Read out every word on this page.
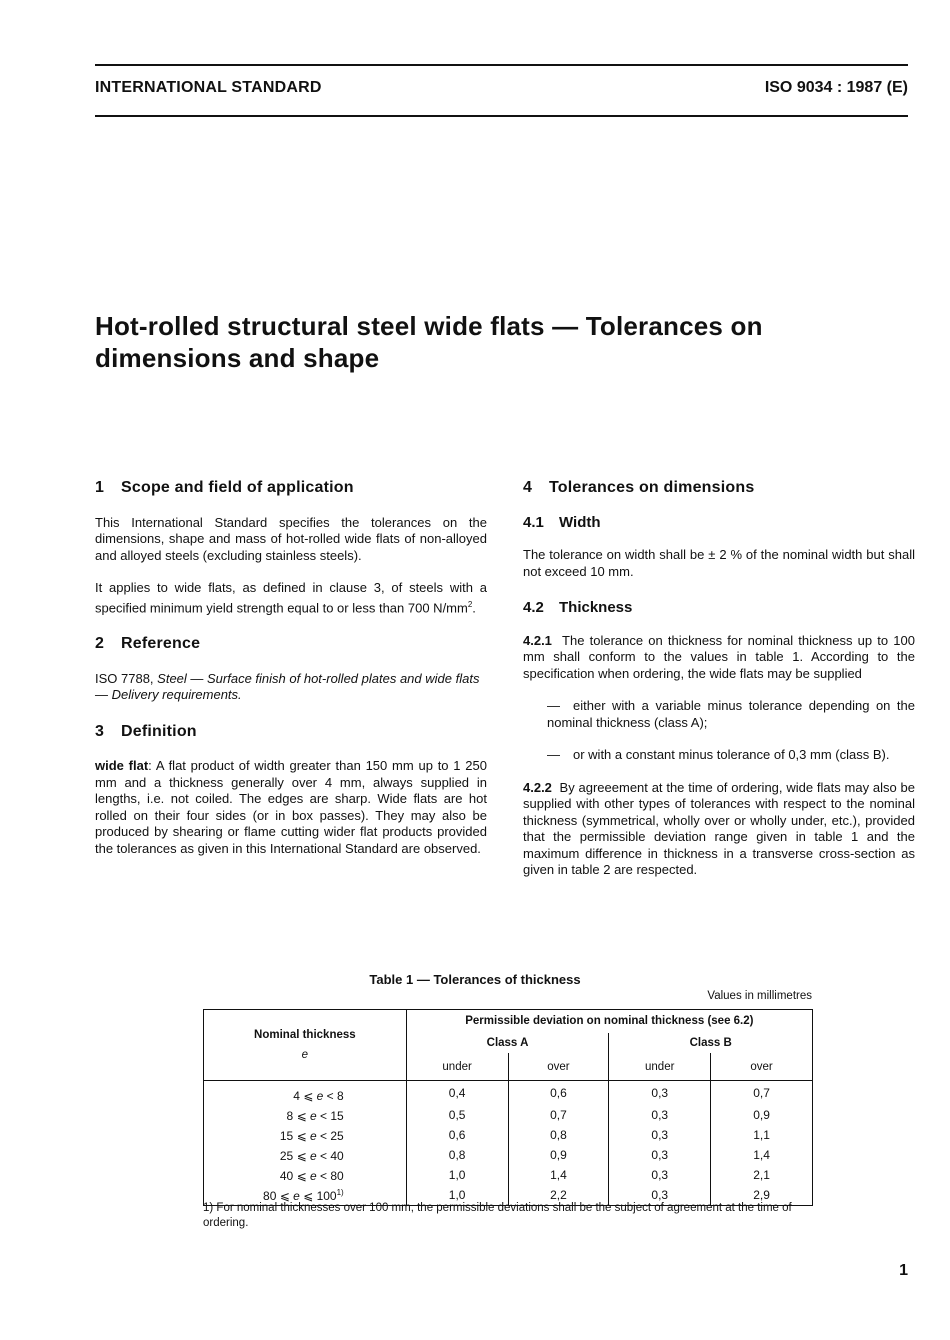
INTERNATIONAL STANDARD	ISO 9034 : 1987 (E)
Hot-rolled structural steel wide flats — Tolerances on
dimensions and shape
1 Scope and field of application

This International Standard specifies the tolerances on the dimensions, shape and mass of hot-rolled wide flats of non-alloyed and alloyed steels (excluding stainless steels).

It applies to wide flats, as defined in clause 3, of steels with a specified minimum yield strength equal to or less than 700 $N/mm^2$.

2 Reference

ISO 7788, Steel — Surface finish of hot-rolled plates and wide flats — Delivery requirements.

3 Definition

wide flat: A flat product of width greater than 150 mm up to 1 250 mm and a thickness generally over 4 mm, always supplied in lengths, i.e. not coiled. The edges are sharp. Wide flats are hot rolled on their four sides (or in box passes). They may also be produced by shearing or flame cutting wider flat products provided the tolerances as given in this International Standard are observed.

4 Tolerances on dimensions
4.1 Width

The tolerance on width shall be ± 2 % of the nominal width but shall not exceed 10 mm.

4.2 Thickness

4.2.1 The tolerance on thickness for nominal thickness up to 100 mm shall conform to the values in table 1. According to the specification when ordering, the wide flats may be supplied

— either with a variable minus tolerance depending on the nominal thickness (class A);

— or with a constant minus tolerance of 0,3 mm (class B).

4.2.2 By agreeement at the time of ordering, wide flats may also be supplied with other types of tolerances with respect to the nominal thickness (symmetrical, wholly over or wholly under, etc.), provided that the permissible deviation range given in table 1 and the maximum difference in thickness in a transverse cross-section as given in table 2 are respected.

Table 1 — Tolerances of thickness
Values in millimetres
Nominal thickness
e	Permissible deviation on nominal thickness (see 6.2)			
	Class A		Class B	
	under	over	under	over
4 ⩽ e < 8	0,4	0,6	0,3	0,7
8 ⩽ e < 15	0,5	0,7	0,3	0,9
15 ⩽ e < 25	0,6	0,8	0,3	1,1
25 ⩽ e < 40	0,8	0,9	0,3	1,4
40 ⩽ e < 80	1,0	1,4	0,3	2,1
80 ⩽ e ⩽ 100$^{1)}$	1,0	2,2	0,3	2,9
1) For nominal thicknesses over 100 mm, the permissible deviations shall be the subject of agreement at the time of ordering.
1
